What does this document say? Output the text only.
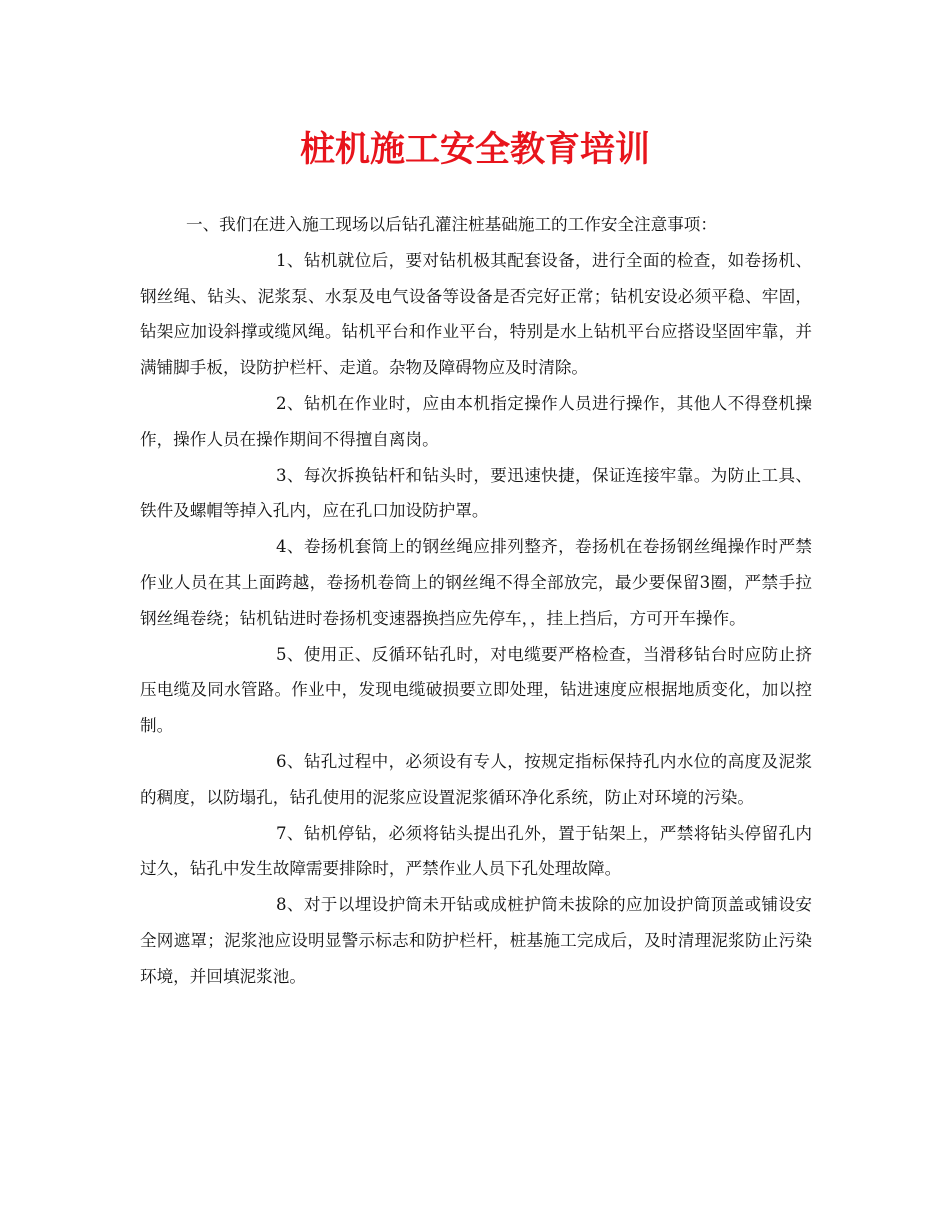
桩机施工安全教育培训

一、我们在进入施工现场以后钻孔灌注桩基础施工的工作安全注意事项：

1、钻机就位后，要对钻机极其配套设备，进行全面的检查，如卷扬机、钢丝绳、钻头、泥浆泵、水泵及电气设备等设备是否完好正常；钻机安设必须平稳、牢固，钻架应加设斜撑或缆风绳。钻机平台和作业平台，特别是水上钻机平台应搭设坚固牢靠，并满铺脚手板，设防护栏杆、走道。杂物及障碍物应及时清除。

2、钻机在作业时，应由本机指定操作人员进行操作，其他人不得登机操作，操作人员在操作期间不得擅自离岗。

3、每次拆换钻杆和钻头时，要迅速快捷，保证连接牢靠。为防止工具、铁件及螺帽等掉入孔内，应在孔口加设防护罩。

4、卷扬机套筒上的钢丝绳应排列整齐，卷扬机在卷扬钢丝绳操作时严禁作业人员在其上面跨越，卷扬机卷筒上的钢丝绳不得全部放完，最少要保留3圈，严禁手拉钢丝绳卷绕；钻机钻进时卷扬机变速器换挡应先停车，，挂上挡后，方可开车操作。

5、使用正、反循环钻孔时，对电缆要严格检查，当滑移钻台时应防止挤压电缆及同水管路。作业中，发现电缆破损要立即处理，钻进速度应根据地质变化，加以控制。

6、钻孔过程中，必须设有专人，按规定指标保持孔内水位的高度及泥浆的稠度，以防塌孔，钻孔使用的泥浆应设置泥浆循环净化系统，防止对环境的污染。

7、钻机停钻，必须将钻头提出孔外，置于钻架上，严禁将钻头停留孔内过久，钻孔中发生故障需要排除时，严禁作业人员下孔处理故障。

8、对于以埋设护筒未开钻或成桩护筒未拔除的应加设护筒顶盖或铺设安全网遮罩；泥浆池应设明显警示标志和防护栏杆，桩基施工完成后，及时清理泥浆防止污染环境，并回填泥浆池。
